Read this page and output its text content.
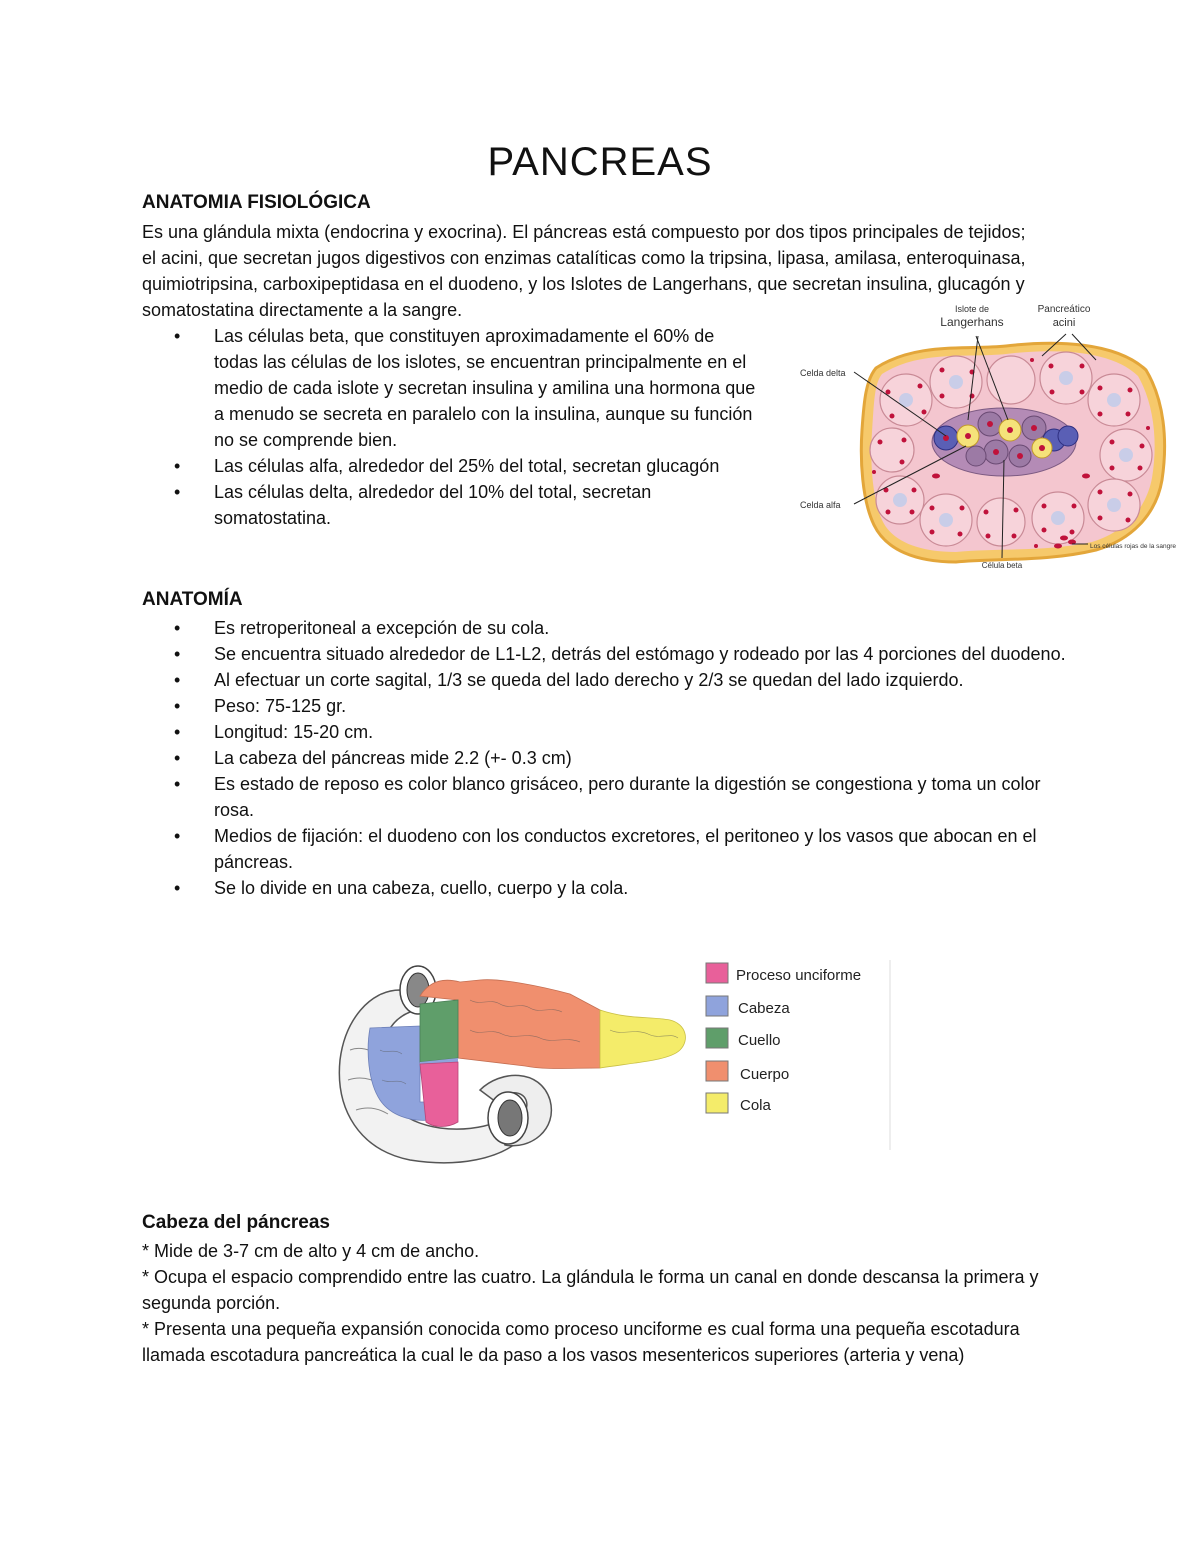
PANCREAS
ANATOMIA FISIOLÓGICA

Es una glándula mixta (endocrina y exocrina). El páncreas está compuesto por dos tipos principales de tejidos; el acini, que secretan jugos digestivos con enzimas catalíticas como la tripsina, lipasa, amilasa, enteroquinasa, quimiotripsina, carboxipeptidasa en el duodeno, y los Islotes de Langerhans, que secretan insulina, glucagón y somatostatina directamente a la sangre.

• Las células beta, que constituyen aproximadamente el 60% de todas las células de los islotes, se encuentran principalmente en el medio de cada islote y secretan insulina y amilina una hormona que a menudo se secreta en paralelo con la insulina, aunque su función no se comprende bien.
• Las células alfa, alrededor del 25% del total, secretan glucagón
• Las células delta, alrededor del 10% del total, secretan somatostatina.
Islote de
Langerhans
Pancreático
acini
Celda delta
Celda alfa
Célula beta
Los células rojas de la sangre
ANATOMÍA
• Es retroperitoneal a excepción de su cola.
• Se encuentra situado alrededor de L1-L2, detrás del estómago y rodeado por las 4 porciones del duodeno.
• Al efectuar un corte sagital, 1/3 se queda del lado derecho y 2/3 se quedan del lado izquierdo.
• Peso: 75-125 gr.
• Longitud: 15-20 cm.
• La cabeza del páncreas mide 2.2 (+- 0.3 cm)
• Es estado de reposo es color blanco grisáceo, pero durante la digestión se congestiona y toma un color rosa.
• Medios de fijación: el duodeno con los conductos excretores, el peritoneo y los vasos que abocan en el páncreas.
• Se lo divide en una cabeza, cuello, cuerpo y la cola.
Proceso unciforme
Cabeza
Cuello
Cuerpo
Cola
Cabeza del páncreas

* Mide de 3-7 cm de alto y 4 cm de ancho.

* Ocupa el espacio comprendido entre las cuatro. La glándula le forma un canal en donde descansa la primera y segunda porción.

* Presenta una pequeña expansión conocida como proceso unciforme es cual forma una pequeña escotadura llamada escotadura pancreática la cual le da paso a los vasos mesentericos superiores (arteria y vena)
